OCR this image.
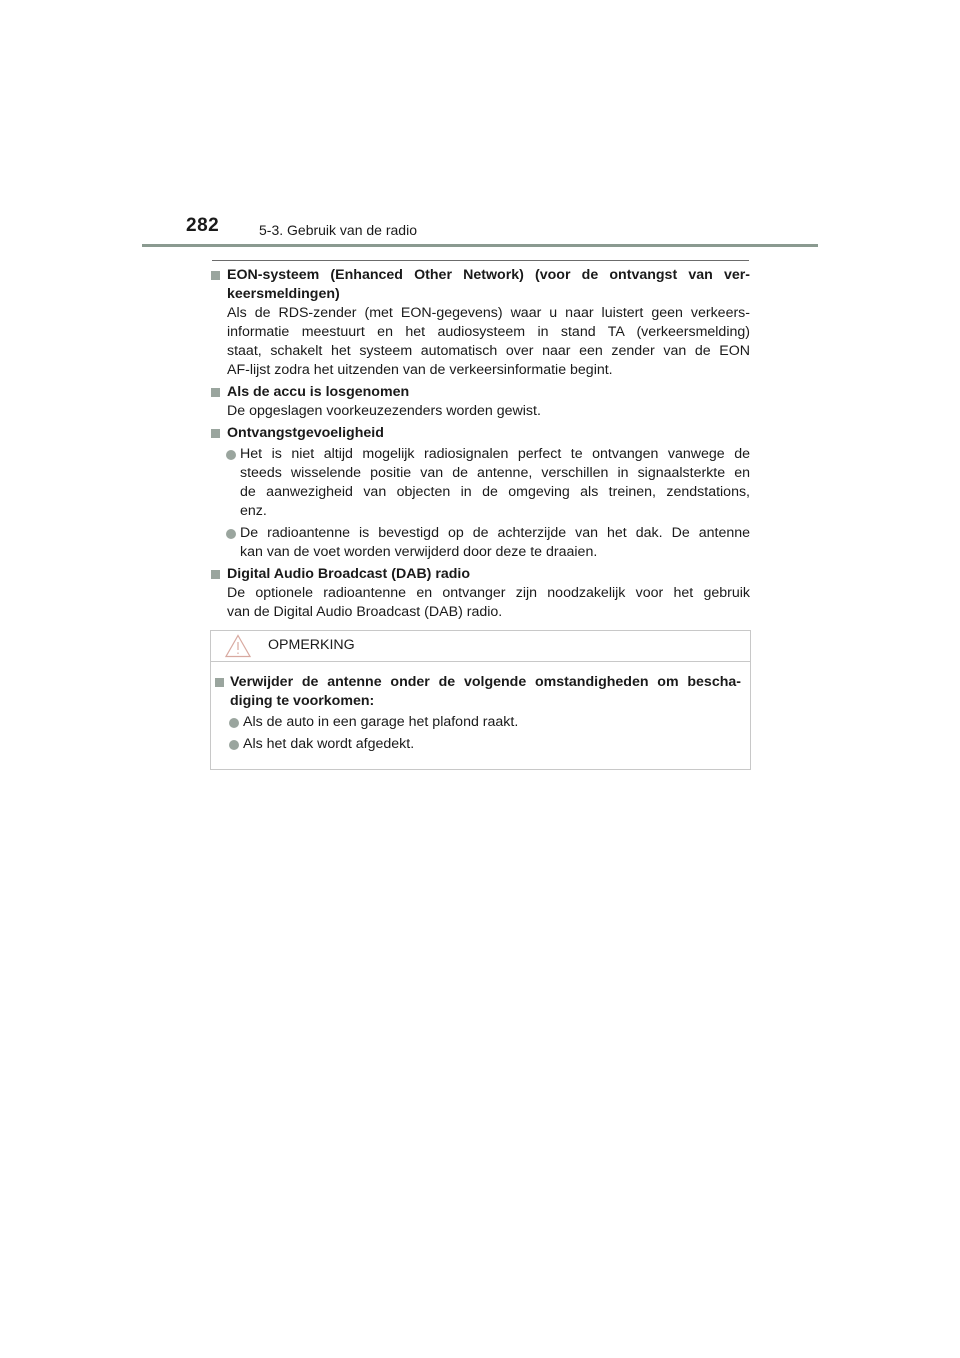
282	5-3. Gebruik van de radio
EON-systeem (Enhanced Other Network) (voor de ontvangst van ver-
keersmeldingen)
Als de RDS-zender (met EON-gegevens) waar u naar luistert geen verkeers-
informatie meestuurt en het audiosysteem in stand TA (verkeersmelding)
staat, schakelt het systeem automatisch over naar een zender van de EON
AF-lijst zodra het uitzenden van de verkeersinformatie begint.
Als de accu is losgenomen
De opgeslagen voorkeuzezenders worden gewist.
Ontvangstgevoeligheid
Het is niet altijd mogelijk radiosignalen perfect te ontvangen vanwege de
steeds wisselende positie van de antenne, verschillen in signaalsterkte en
de aanwezigheid van objecten in de omgeving als treinen, zendstations,
enz.
De radioantenne is bevestigd op de achterzijde van het dak. De antenne
kan van de voet worden verwijderd door deze te draaien.
Digital Audio Broadcast (DAB) radio
De optionele radioantenne en ontvanger zijn noodzakelijk voor het gebruik
van de Digital Audio Broadcast (DAB) radio.
OPMERKING
Verwijder de antenne onder de volgende omstandigheden om bescha-
diging te voorkomen:
Als de auto in een garage het plafond raakt.
Als het dak wordt afgedekt.
